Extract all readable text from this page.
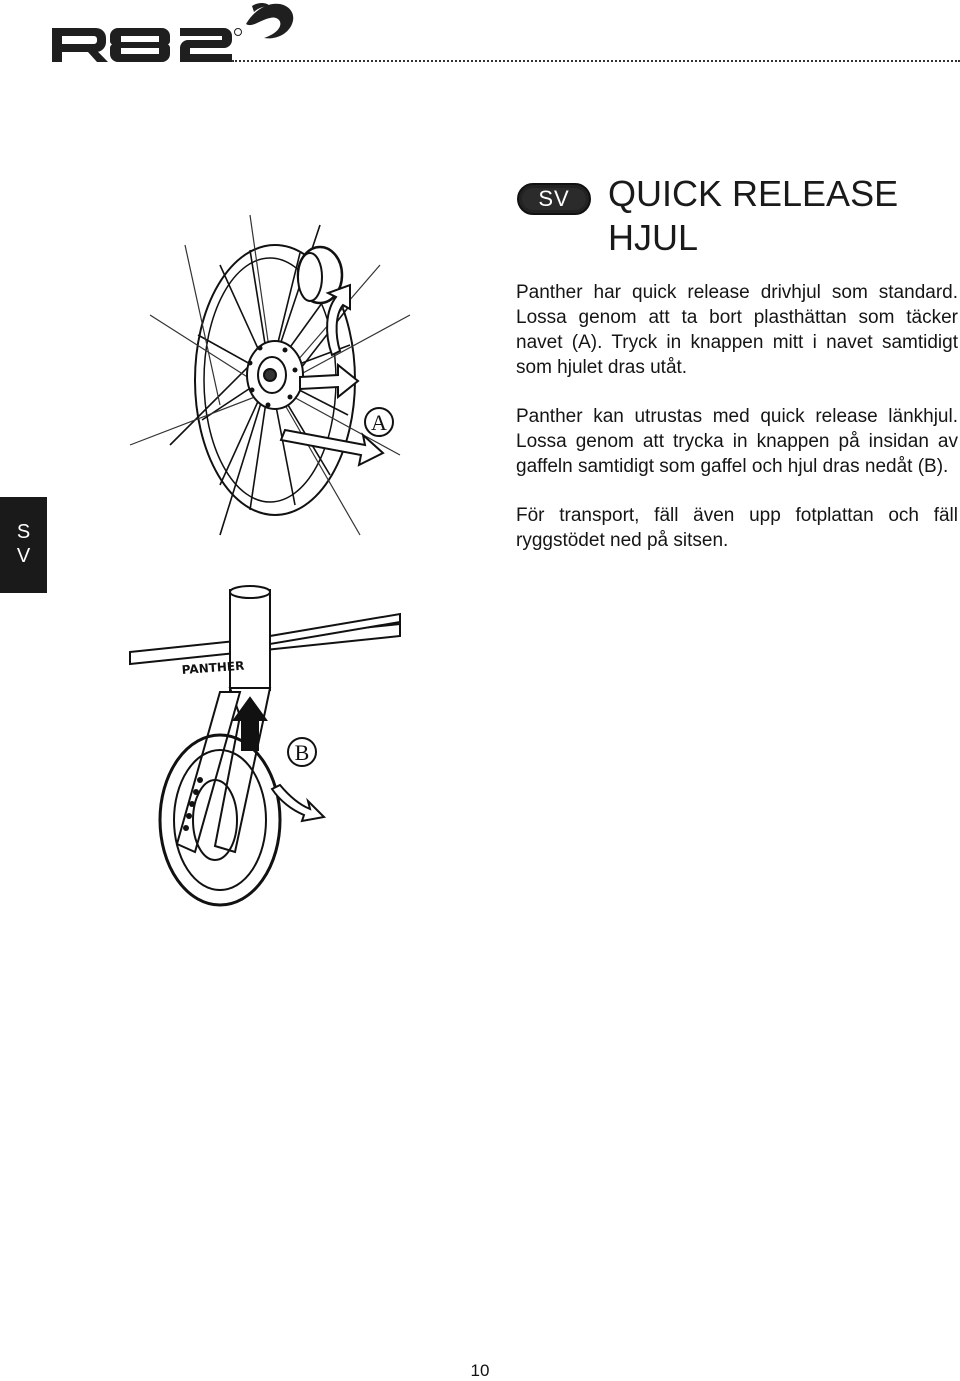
SV	QUICK RELEASE
HJUL

Panther har quick release drivhjul som standard. Lossa genom att ta bort plasthättan som täcker navet (A). Tryck in knappen mitt i navet samtidigt som hjulet dras utåt.

Panther kan utrustas med quick release länkhjul. Lossa genom att trycka in knappen på insidan av gaffeln samtidigt som gaffel och hjul dras nedåt (B).

För transport, fäll även upp fotplattan och fäll ryggstödet ned på sitsen.

S
V
A
PANTHER
B
10
